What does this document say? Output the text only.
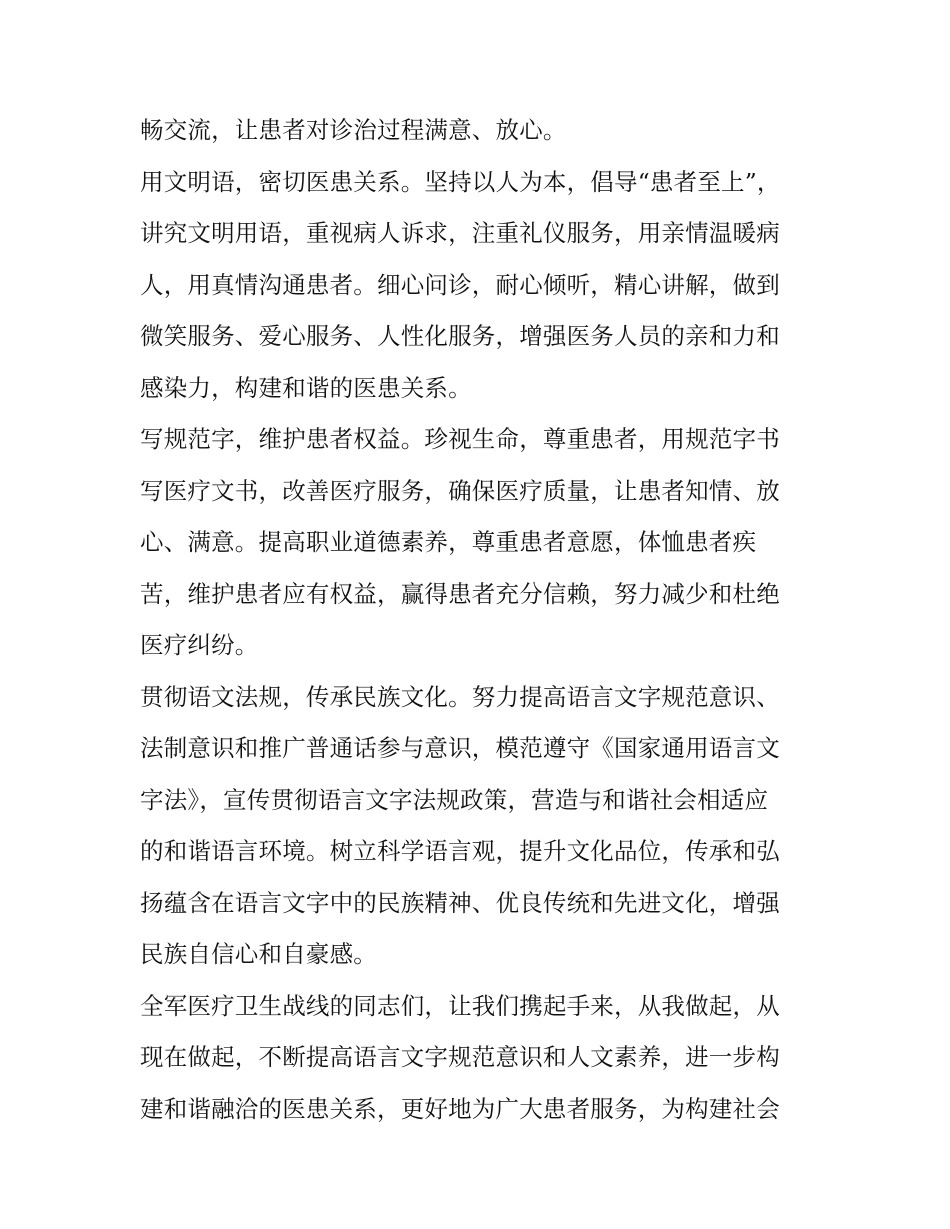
畅交流，让患者对诊治过程满意、放心。
用文明语，密切医患关系。坚持以人为本，倡导“患者至上”，
讲究文明用语，重视病人诉求，注重礼仪服务，用亲情温暖病
人，用真情沟通患者。细心问诊，耐心倾听，精心讲解，做到
微笑服务、爱心服务、人性化服务，增强医务人员的亲和力和
感染力，构建和谐的医患关系。
写规范字，维护患者权益。珍视生命，尊重患者，用规范字书
写医疗文书，改善医疗服务，确保医疗质量，让患者知情、放
心、满意。提高职业道德素养，尊重患者意愿，体恤患者疾
苦，维护患者应有权益，赢得患者充分信赖，努力减少和杜绝
医疗纠纷。
贯彻语文法规，传承民族文化。努力提高语言文字规范意识、
法制意识和推广普通话参与意识，模范遵守《国家通用语言文
字法》，宣传贯彻语言文字法规政策，营造与和谐社会相适应
的和谐语言环境。树立科学语言观，提升文化品位，传承和弘
扬蕴含在语言文字中的民族精神、优良传统和先进文化，增强
民族自信心和自豪感。
全军医疗卫生战线的同志们，让我们携起手来，从我做起，从
现在做起，不断提高语言文字规范意识和人文素养，进一步构
建和谐融洽的医患关系，更好地为广大患者服务，为构建社会
